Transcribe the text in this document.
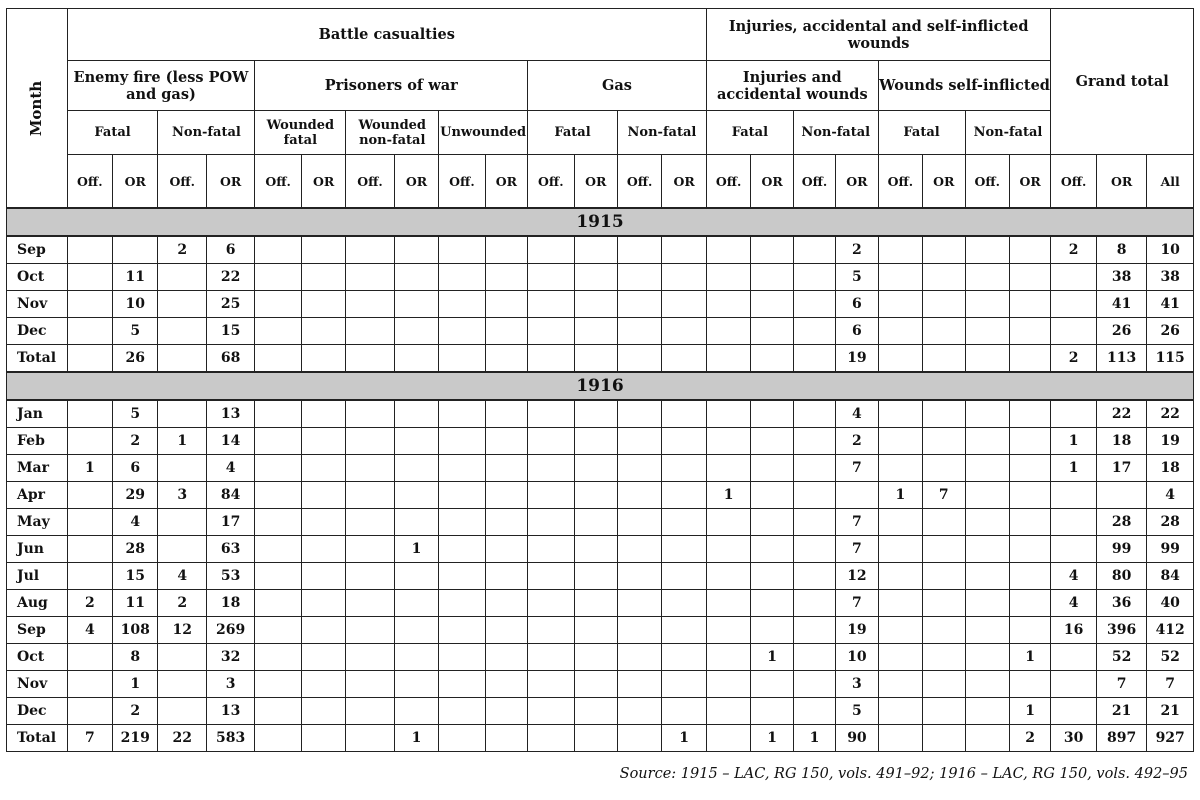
Month	Battle casualties														Injuries, accidental and self-inflicted wounds								Grand total		
	Enemy fire (less POW and gas)				Prisoners of war						Gas				Injuries and accidental wounds				Wounds self-inflicted						
	Fatal		Non-fatal		Wounded fatal		Wounded non-fatal		Unwounded		Fatal		Non-fatal		Fatal		Non-fatal		Fatal		Non-fatal				
	Off.	OR	Off.	OR	Off.	OR	Off.	OR	Off.	OR	Off.	OR	Off.	OR	Off.	OR	Off.	OR	Off.	OR	Off.	OR	Off.	OR	All
1915																									
Sep			2	6														2					2	8	10
Oct		11		22														5						38	38
Nov		10		25														6						41	41
Dec		5		15														6						26	26
Total		26		68														19					2	113	115
1916																									
Jan		5		13														4						22	22
Feb		2	1	14														2					1	18	19
Mar	1	6		4														7					1	17	18
Apr		29	3	84											1				1	7					4
May		4		17														7						28	28
Jun		28		63				1										7						99	99
Jul		15	4	53														12					4	80	84
Aug	2	11	2	18														7					4	36	40
Sep	4	108	12	269														19					16	396	412
Oct		8		32												1		10				1		52	52
Nov		1		3														3						7	7
Dec		2		13														5				1		21	21
Total	7	219	22	583				1						1		1	1	90				2	30	897	927
Source: 1915 – LAC, RG 150, vols. 491–92; 1916 – LAC, RG 150, vols. 492–95
